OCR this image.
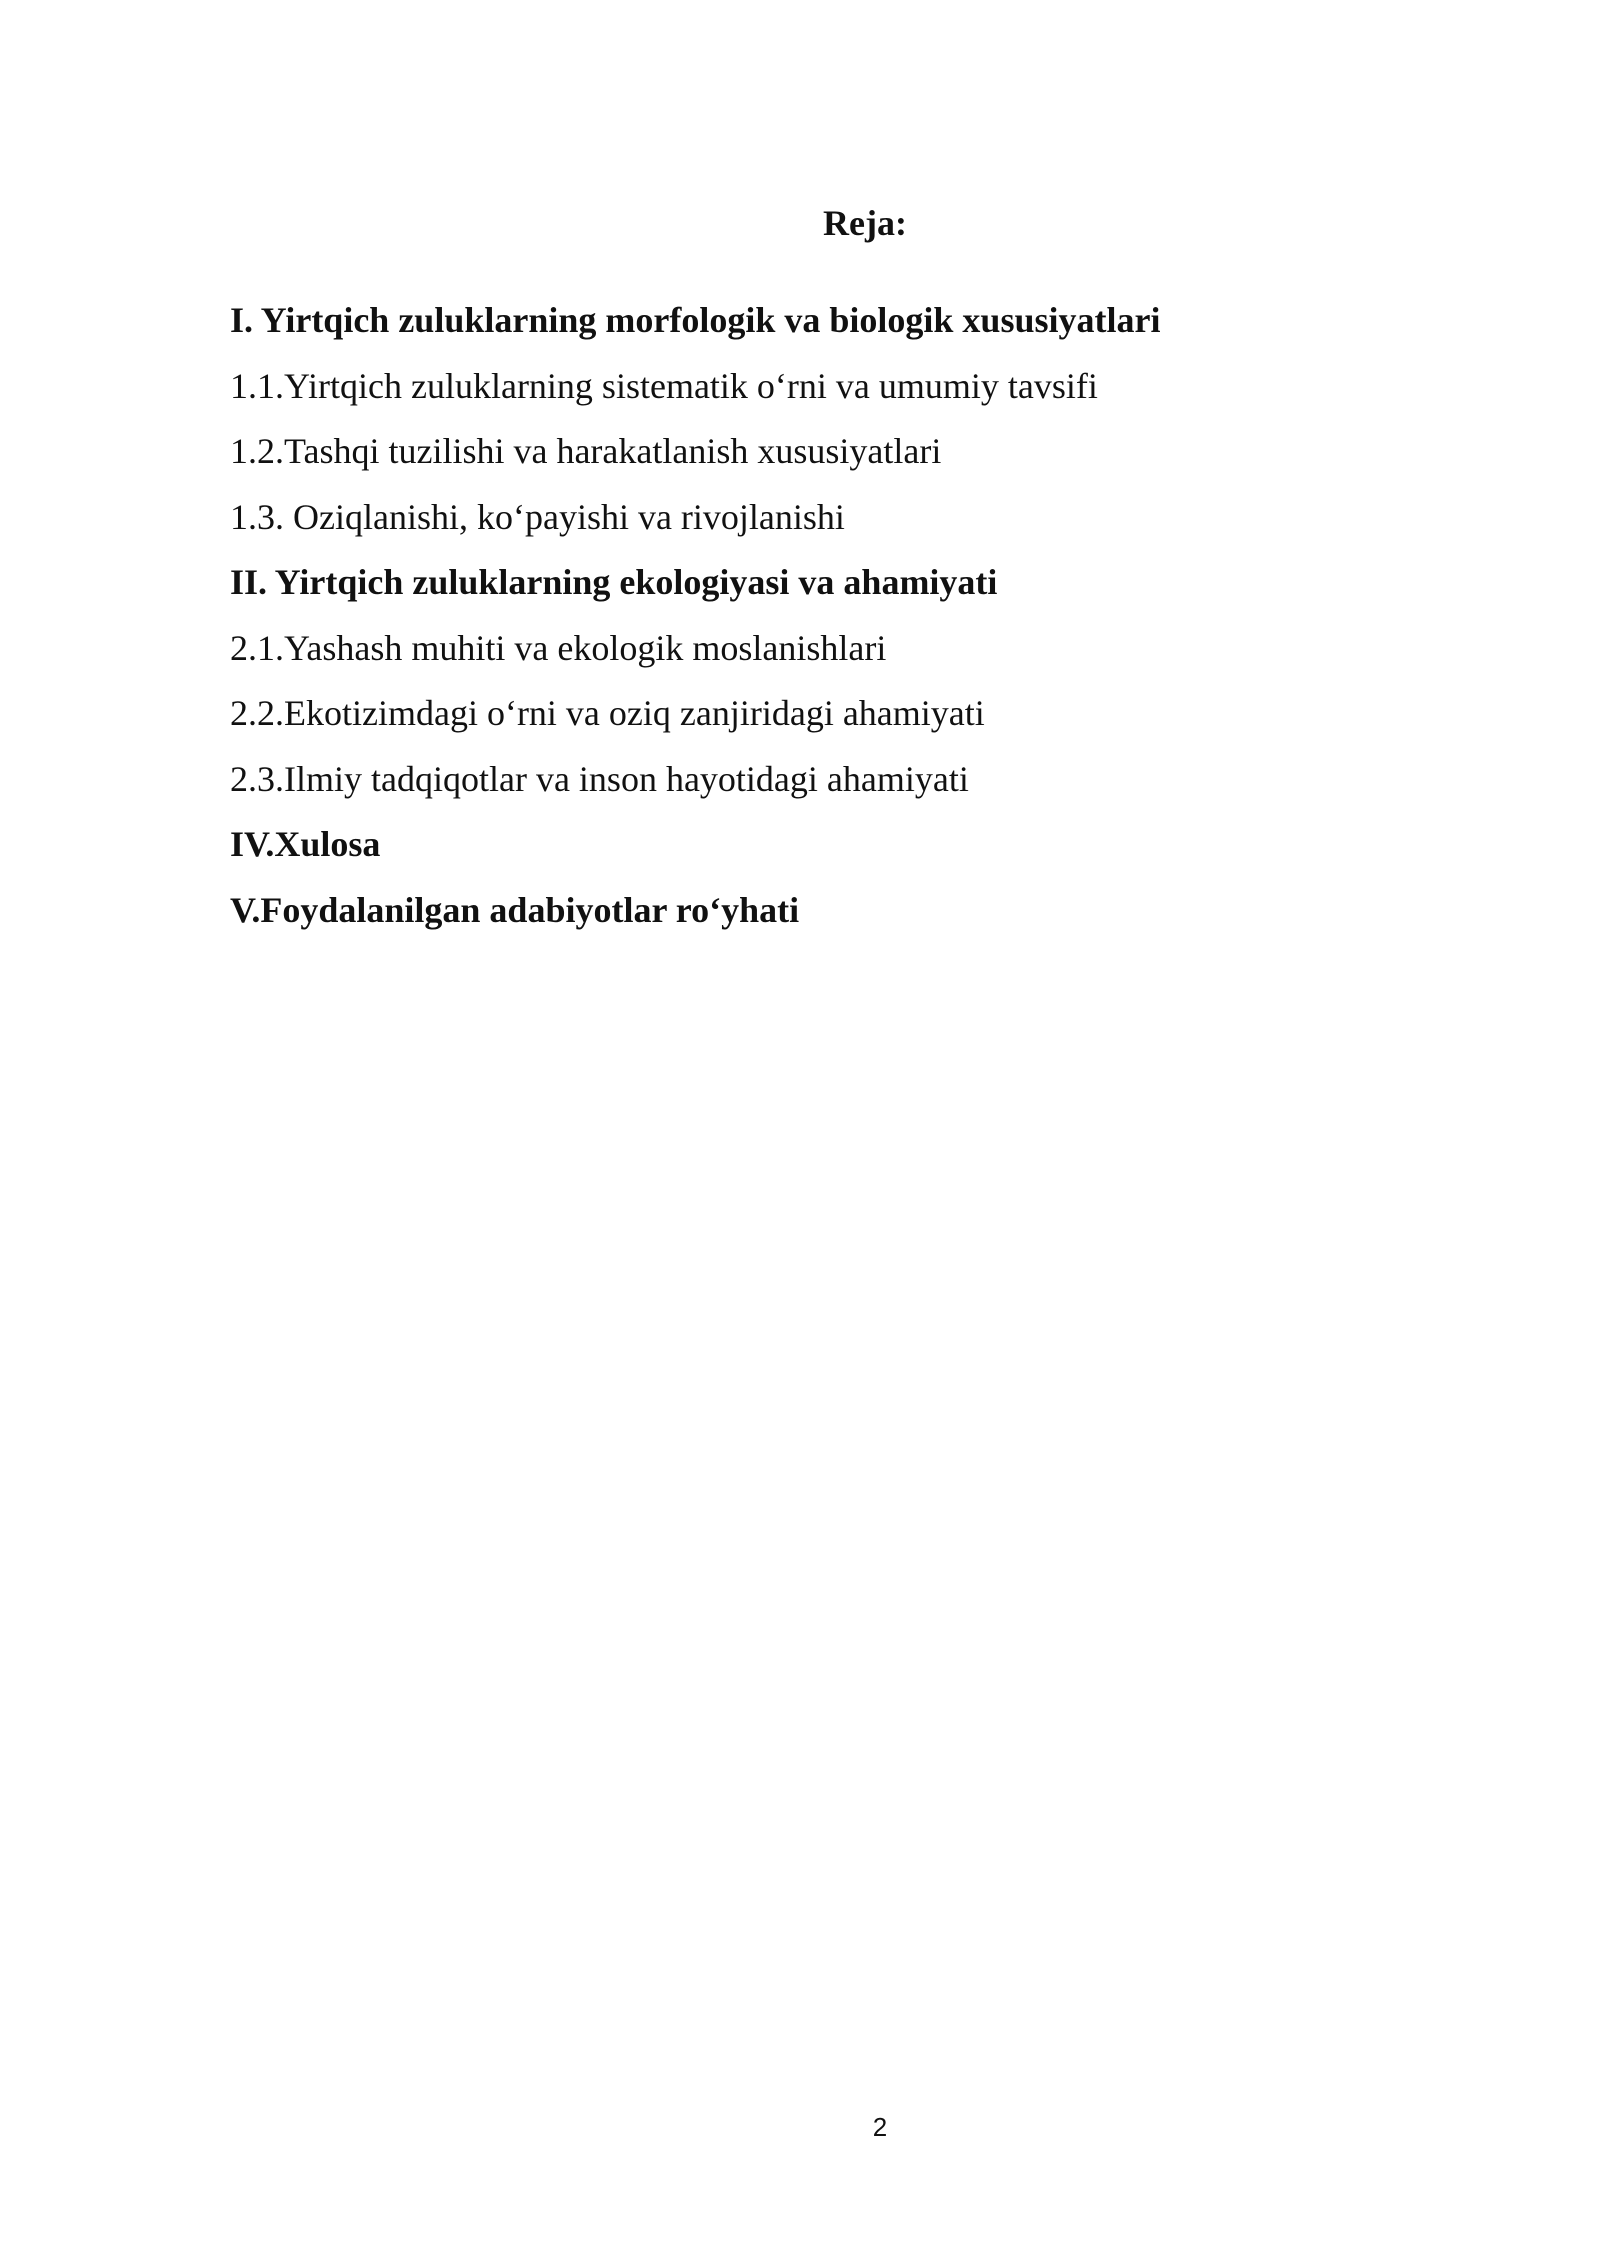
Reja:
I. Yirtqich zuluklarning morfologik va biologik xususiyatlari
1.1.Yirtqich zuluklarning sistematik o‘rni va umumiy tavsifi
1.2.Tashqi tuzilishi va harakatlanish xususiyatlari
1.3. Oziqlanishi, ko‘payishi va rivojlanishi
II. Yirtqich zuluklarning ekologiyasi va ahamiyati
2.1.Yashash muhiti va ekologik moslanishlari
2.2.Ekotizimdagi o‘rni va oziq zanjiridagi ahamiyati
2.3.Ilmiy tadqiqotlar va inson hayotidagi ahamiyati
IV.Xulosa
V.Foydalanilgan adabiyotlar ro‘yhati
2
